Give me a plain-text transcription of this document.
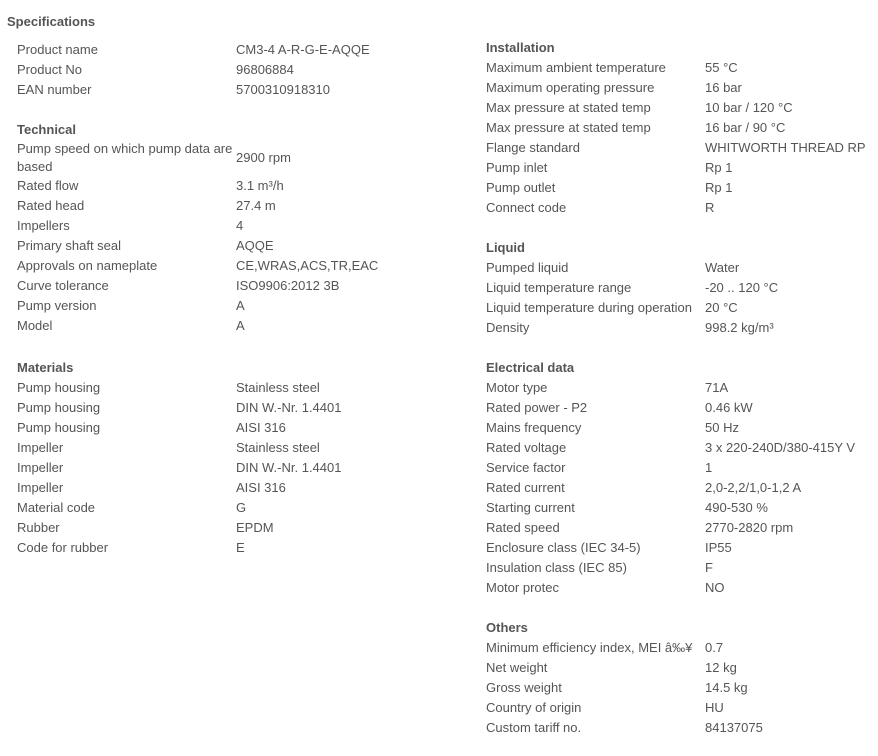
Specifications
Product name	CM3-4 A-R-G-E-AQQE
Product No	96806884
EAN number	5700310918310
Technical
Pump speed on which pump data are based	2900 rpm
Rated flow	3.1 m³/h
Rated head	27.4 m
Impellers	4
Primary shaft seal	AQQE
Approvals on nameplate	CE,WRAS,ACS,TR,EAC
Curve tolerance	ISO9906:2012 3B
Pump version	A
Model	A
Materials
Pump housing	Stainless steel
Pump housing	DIN W.-Nr. 1.4401
Pump housing	AISI 316
Impeller	Stainless steel
Impeller	DIN W.-Nr. 1.4401
Impeller	AISI 316
Material code	G
Rubber	EPDM
Code for rubber	E
Installation
Maximum ambient temperature	55 °C
Maximum operating pressure	16 bar
Max pressure at stated temp	10 bar / 120 °C
Max pressure at stated temp	16 bar / 90 °C
Flange standard	WHITWORTH THREAD RP
Pump inlet	Rp 1
Pump outlet	Rp 1
Connect code	R
Liquid
Pumped liquid	Water
Liquid temperature range	-20 .. 120 °C
Liquid temperature during operation	20 °C
Density	998.2 kg/m³
Electrical data
Motor type	71A
Rated power - P2	0.46 kW
Mains frequency	50 Hz
Rated voltage	3 x 220-240D/380-415Y V
Service factor	1
Rated current	2,0-2,2/1,0-1,2 A
Starting current	490-530 %
Rated speed	2770-2820 rpm
Enclosure class (IEC 34-5)	IP55
Insulation class (IEC 85)	F
Motor protec	NO
Others
Minimum efficiency index, MEI â‰¥	0.7
Net weight	12 kg
Gross weight	14.5 kg
Country of origin	HU
Custom tariff no.	84137075
